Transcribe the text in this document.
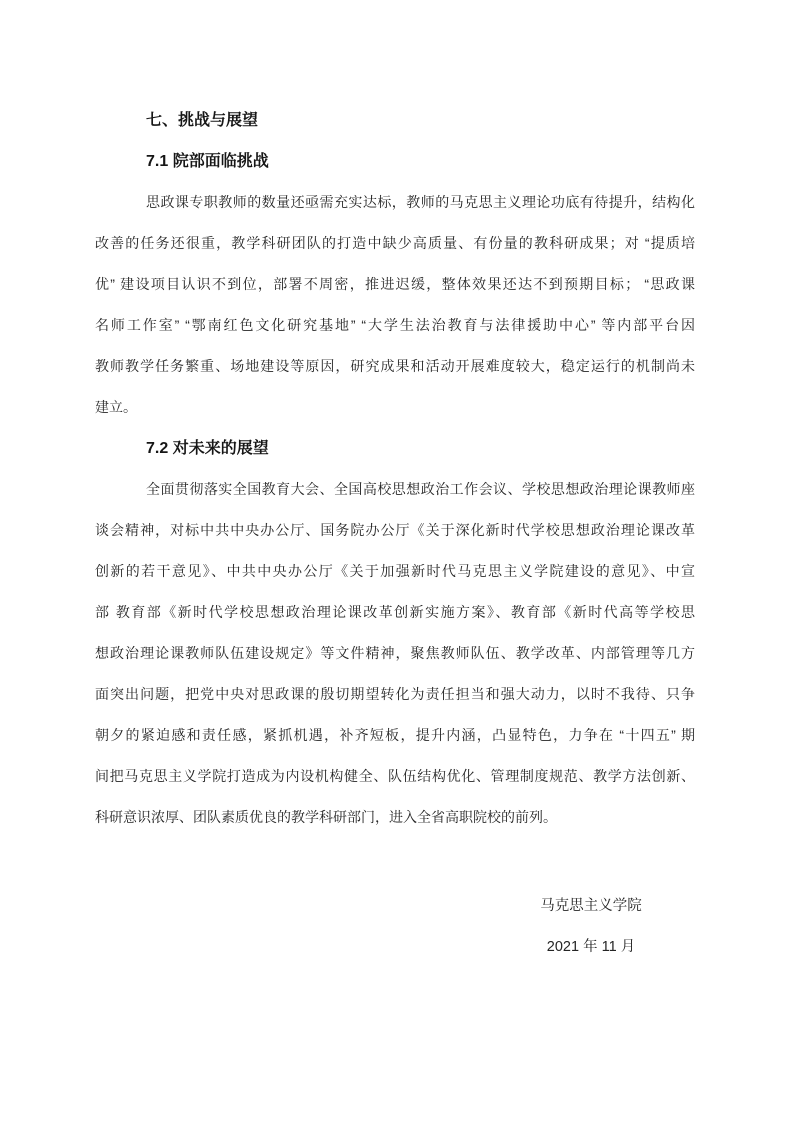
七、挑战与展望
7.1 院部面临挑战
思政课专职教师的数量还亟需充实达标，教师的马克思主义理论功底有待提升，结构化
改善的任务还很重，教学科研团队的打造中缺少高质量、有份量的教科研成果；对 “提质培
优” 建设项目认识不到位，部署不周密，推进迟缓，整体效果还达不到预期目标； “思政课
名师工作室” “鄂南红色文化研究基地” “大学生法治教育与法律援助中心” 等内部平台因
教师教学任务繁重、场地建设等原因，研究成果和活动开展难度较大，稳定运行的机制尚未
建立。
7.2 对未来的展望
全面贯彻落实全国教育大会、全国高校思想政治工作会议、学校思想政治理论课教师座
谈会精神，对标中共中央办公厅、国务院办公厅《关于深化新时代学校思想政治理论课改革
创新的若干意见》、中共中央办公厅《关于加强新时代马克思主义学院建设的意见》、中宣
部 教育部《新时代学校思想政治理论课改革创新实施方案》、教育部《新时代高等学校思
想政治理论课教师队伍建设规定》等文件精神，聚焦教师队伍、教学改革、内部管理等几方
面突出问题，把党中央对思政课的殷切期望转化为责任担当和强大动力，以时不我待、只争
朝夕的紧迫感和责任感，紧抓机遇，补齐短板，提升内涵，凸显特色，力争在 “十四五” 期
间把马克思主义学院打造成为内设机构健全、队伍结构优化、管理制度规范、教学方法创新、
科研意识浓厚、团队素质优良的教学科研部门，进入全省高职院校的前列。
马克思主义学院
2021 年 11 月
